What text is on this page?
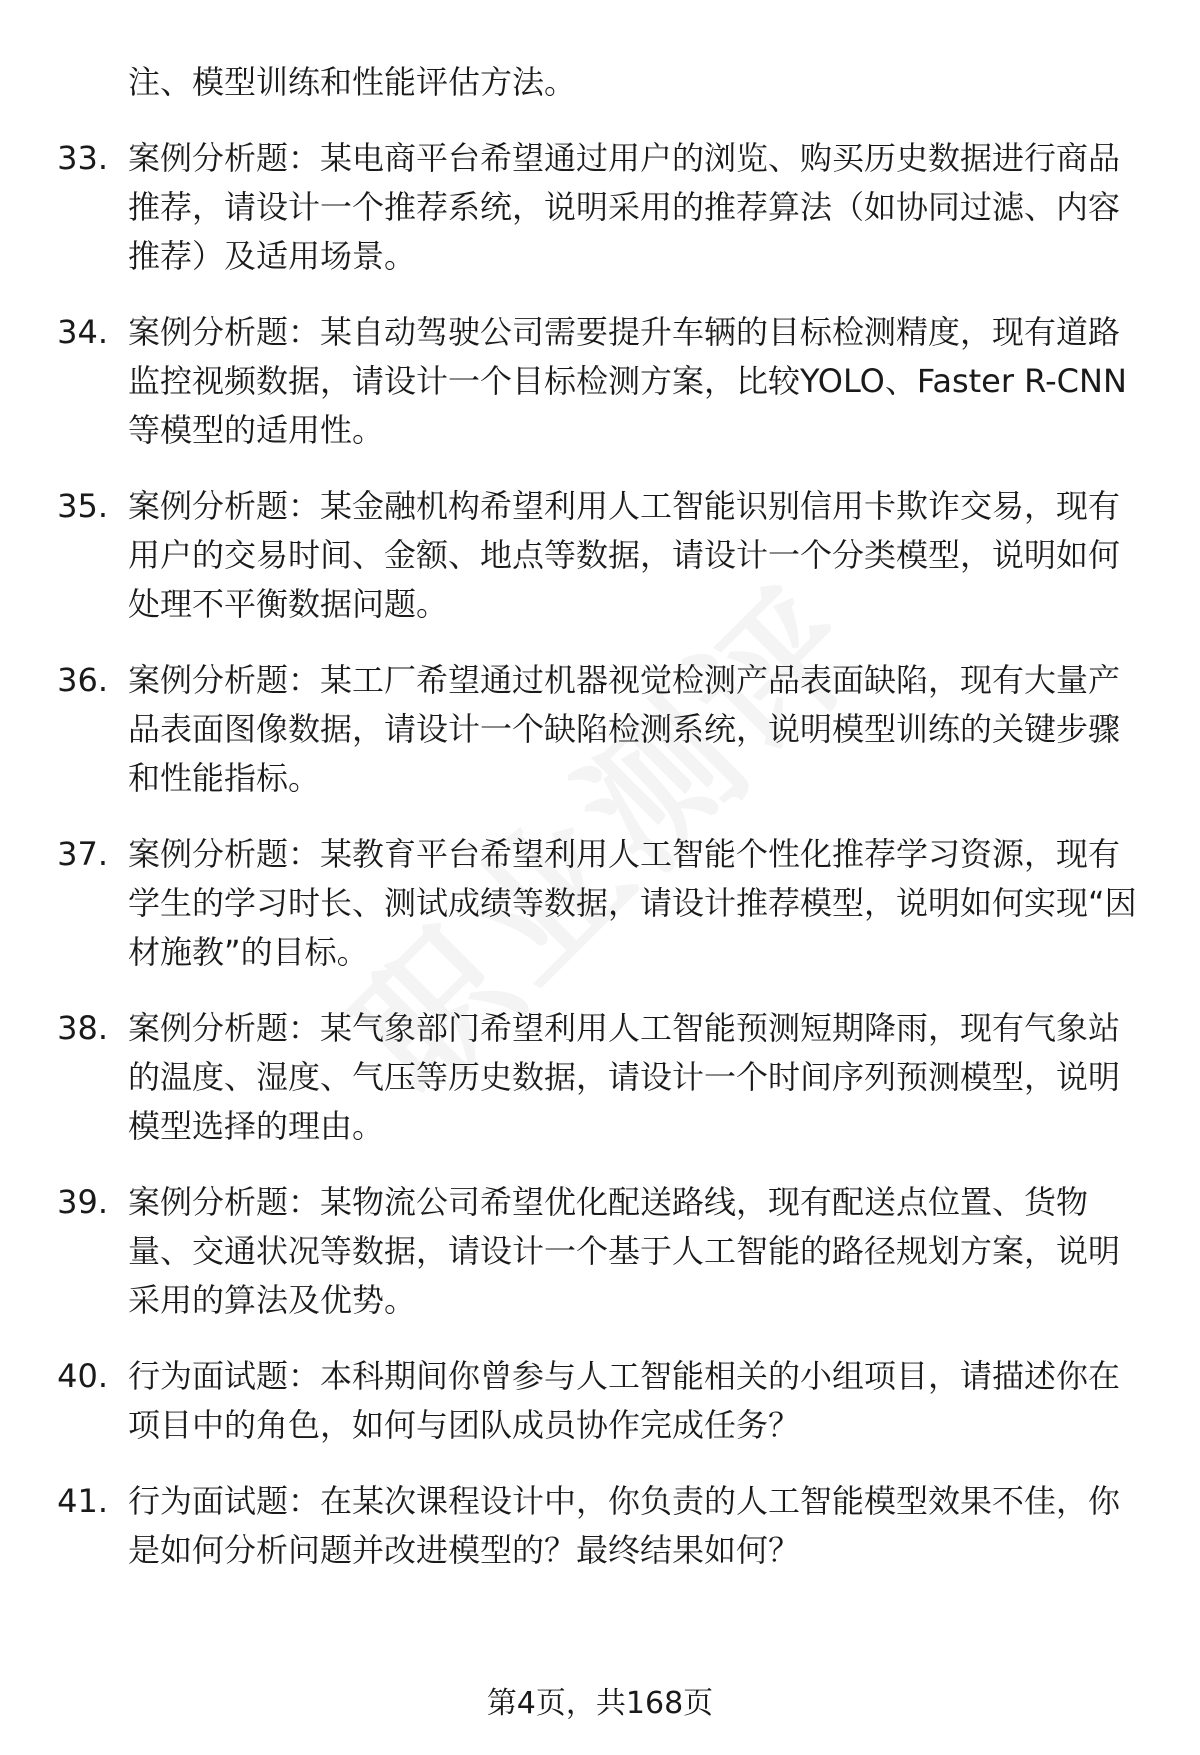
注、模型训练和性能评估方法。
33. 案例分析题：某电商平台希望通过用户的浏览、购买历史数据进行商品推荐，请设计一个推荐系统，说明采用的推荐算法（如协同过滤、内容推荐）及适用场景。
34. 案例分析题：某自动驾驶公司需要提升车辆的目标检测精度，现有道路监控视频数据，请设计一个目标检测方案，比较YOLO、Faster R-CNN等模型的适用性。
35. 案例分析题：某金融机构希望利用人工智能识别信用卡欺诈交易，现有用户的交易时间、金额、地点等数据，请设计一个分类模型，说明如何处理不平衡数据问题。
36. 案例分析题：某工厂希望通过机器视觉检测产品表面缺陷，现有大量产品表面图像数据，请设计一个缺陷检测系统，说明模型训练的关键步骤和性能指标。
37. 案例分析题：某教育平台希望利用人工智能个性化推荐学习资源，现有学生的学习时长、测试成绩等数据，请设计推荐模型，说明如何实现“因材施教”的目标。
38. 案例分析题：某气象部门希望利用人工智能预测短期降雨，现有气象站的温度、湿度、气压等历史数据，请设计一个时间序列预测模型，说明模型选择的理由。
39. 案例分析题：某物流公司希望优化配送路线，现有配送点位置、货物量、交通状况等数据，请设计一个基于人工智能的路径规划方案，说明采用的算法及优势。
40. 行为面试题：本科期间你曾参与人工智能相关的小组项目，请描述你在项目中的角色，如何与团队成员协作完成任务？
41. 行为面试题：在某次课程设计中，你负责的人工智能模型效果不佳，你是如何分析问题并改进模型的？最终结果如何？
第4页，共168页
